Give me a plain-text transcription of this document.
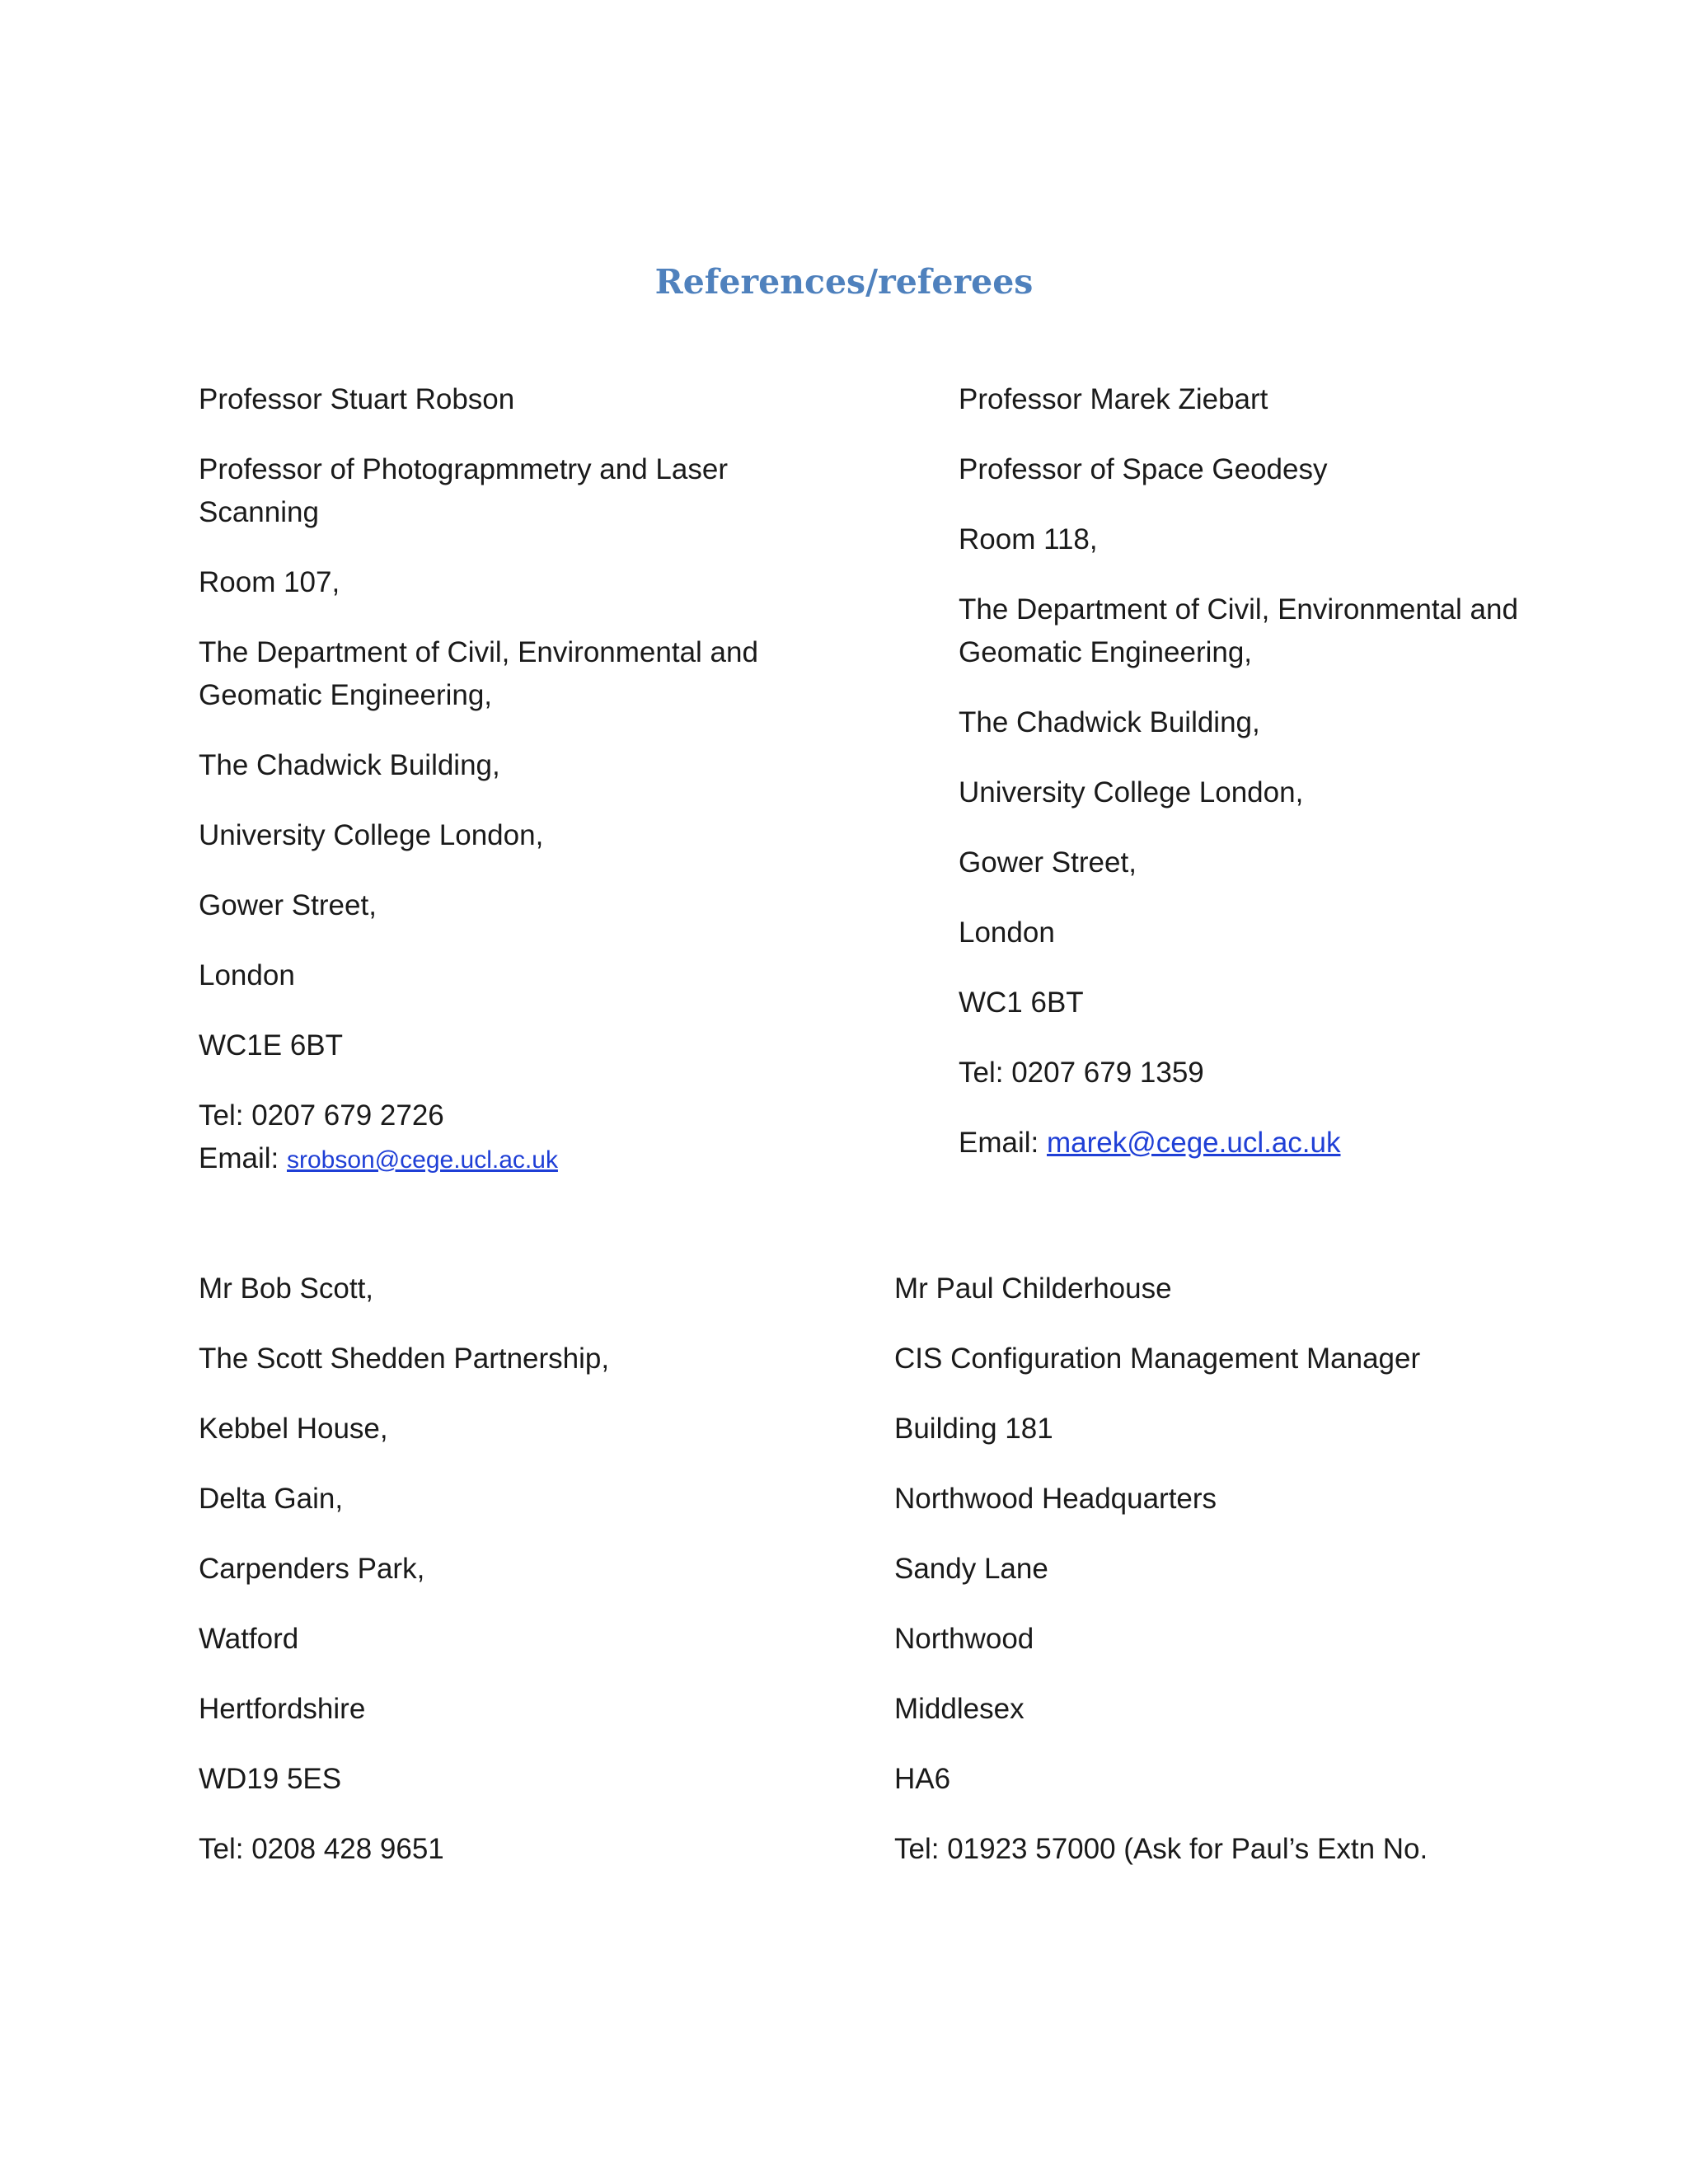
References/referees

Professor Stuart Robson

Professor of Photograpmmetry and Laser Scanning

Room 107,

The Department of Civil, Environmental and Geomatic Engineering,

The Chadwick Building,

University College London,

Gower Street,

London

WC1E 6BT

Tel: 0207 679 2726

Email: srobson@cege.ucl.ac.uk

Professor Marek Ziebart

Professor of Space Geodesy

Room 118,

The Department of Civil, Environmental and Geomatic Engineering,

The Chadwick Building,

University College London,

Gower Street,

London

WC1 6BT

Tel: 0207 679 1359

Email: marek@cege.ucl.ac.uk

Mr Bob Scott,

The Scott Shedden Partnership,

Kebbel House,

Delta Gain,

Carpenders Park,

Watford

Hertfordshire

WD19 5ES

Tel: 0208 428 9651

Mr Paul Childerhouse

CIS Configuration Management Manager

Building 181

Northwood Headquarters

Sandy Lane

Northwood

Middlesex

HA6

Tel: 01923 57000 (Ask for Paul’s Extn No.
